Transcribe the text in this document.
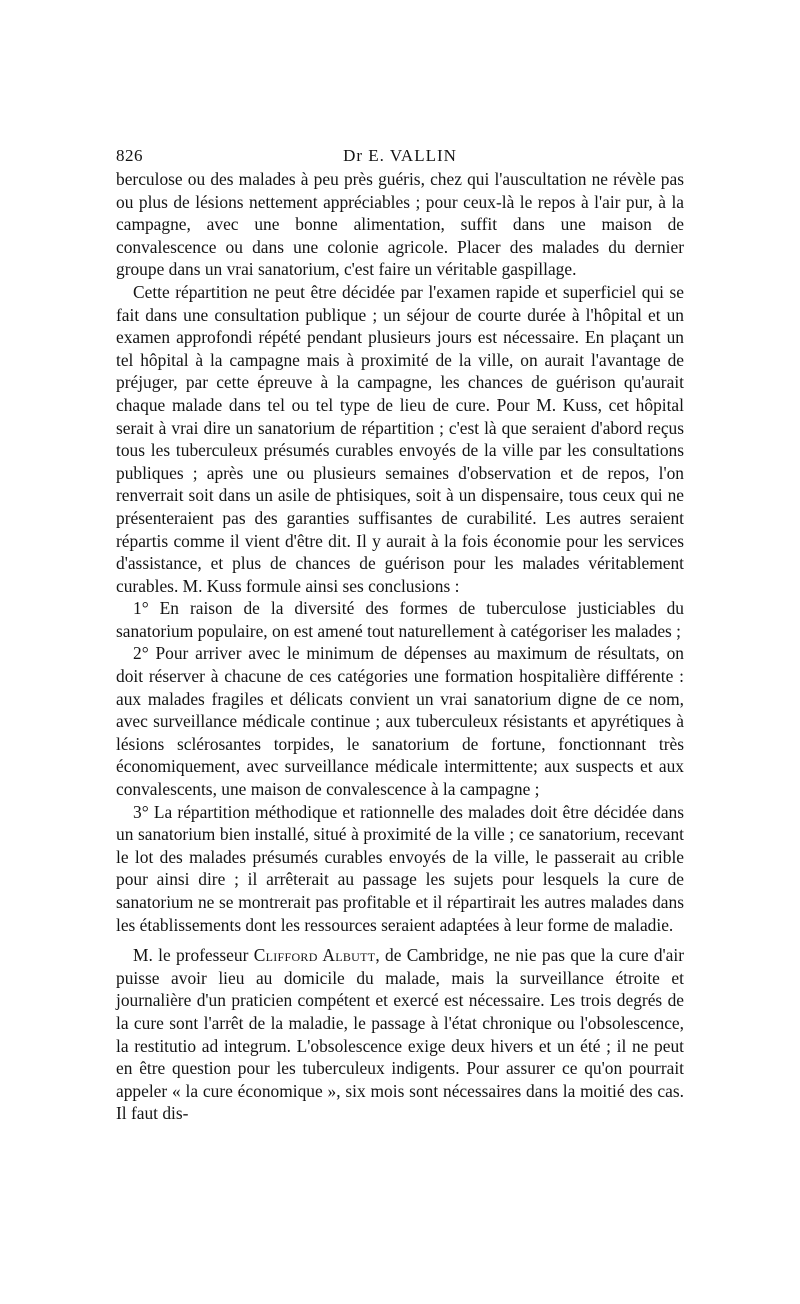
826	Dr E. VALLIN

berculose ou des malades à peu près guéris, chez qui l'auscultation ne révèle pas ou plus de lésions nettement appréciables ; pour ceux-là le repos à l'air pur, à la campagne, avec une bonne alimentation, suffit dans une maison de convalescence ou dans une colonie agricole. Placer des malades du dernier groupe dans un vrai sanatorium, c'est faire un véritable gaspillage.

Cette répartition ne peut être décidée par l'examen rapide et superficiel qui se fait dans une consultation publique ; un séjour de courte durée à l'hôpital et un examen approfondi répété pendant plusieurs jours est nécessaire. En plaçant un tel hôpital à la campagne mais à proximité de la ville, on aurait l'avantage de préjuger, par cette épreuve à la campagne, les chances de guérison qu'aurait chaque malade dans tel ou tel type de lieu de cure. Pour M. Kuss, cet hôpital serait à vrai dire un sanatorium de répartition ; c'est là que seraient d'abord reçus tous les tuberculeux présumés curables envoyés de la ville par les consultations publiques ; après une ou plusieurs semaines d'observation et de repos, l'on renverrait soit dans un asile de phtisiques, soit à un dispensaire, tous ceux qui ne présenteraient pas des garanties suffisantes de curabilité. Les autres seraient répartis comme il vient d'être dit. Il y aurait à la fois économie pour les services d'assistance, et plus de chances de guérison pour les malades véritablement curables. M. Kuss formule ainsi ses conclusions :

1° En raison de la diversité des formes de tuberculose justiciables du sanatorium populaire, on est amené tout naturellement à catégoriser les malades ;

2° Pour arriver avec le minimum de dépenses au maximum de résultats, on doit réserver à chacune de ces catégories une formation hospitalière différente : aux malades fragiles et délicats convient un vrai sanatorium digne de ce nom, avec surveillance médicale continue ; aux tuberculeux résistants et apyrétiques à lésions sclérosantes torpides, le sanatorium de fortune, fonctionnant très économiquement, avec surveillance médicale intermittente; aux suspects et aux convalescents, une maison de convalescence à la campagne ;

3° La répartition méthodique et rationnelle des malades doit être décidée dans un sanatorium bien installé, situé à proximité de la ville ; ce sanatorium, recevant le lot des malades présumés curables envoyés de la ville, le passerait au crible pour ainsi dire ; il arrêterait au passage les sujets pour lesquels la cure de sanatorium ne se montrerait pas profitable et il répartirait les autres malades dans les établissements dont les ressources seraient adaptées à leur forme de maladie.

M. le professeur Clifford Albutt, de Cambridge, ne nie pas que la cure d'air puisse avoir lieu au domicile du malade, mais la surveillance étroite et journalière d'un praticien compétent et exercé est nécessaire. Les trois degrés de la cure sont l'arrêt de la maladie, le passage à l'état chronique ou l'obsolescence, la restitutio ad integrum. L'obsolescence exige deux hivers et un été ; il ne peut en être question pour les tuberculeux indigents. Pour assurer ce qu'on pourrait appeler « la cure économique », six mois sont nécessaires dans la moitié des cas. Il faut dis-
